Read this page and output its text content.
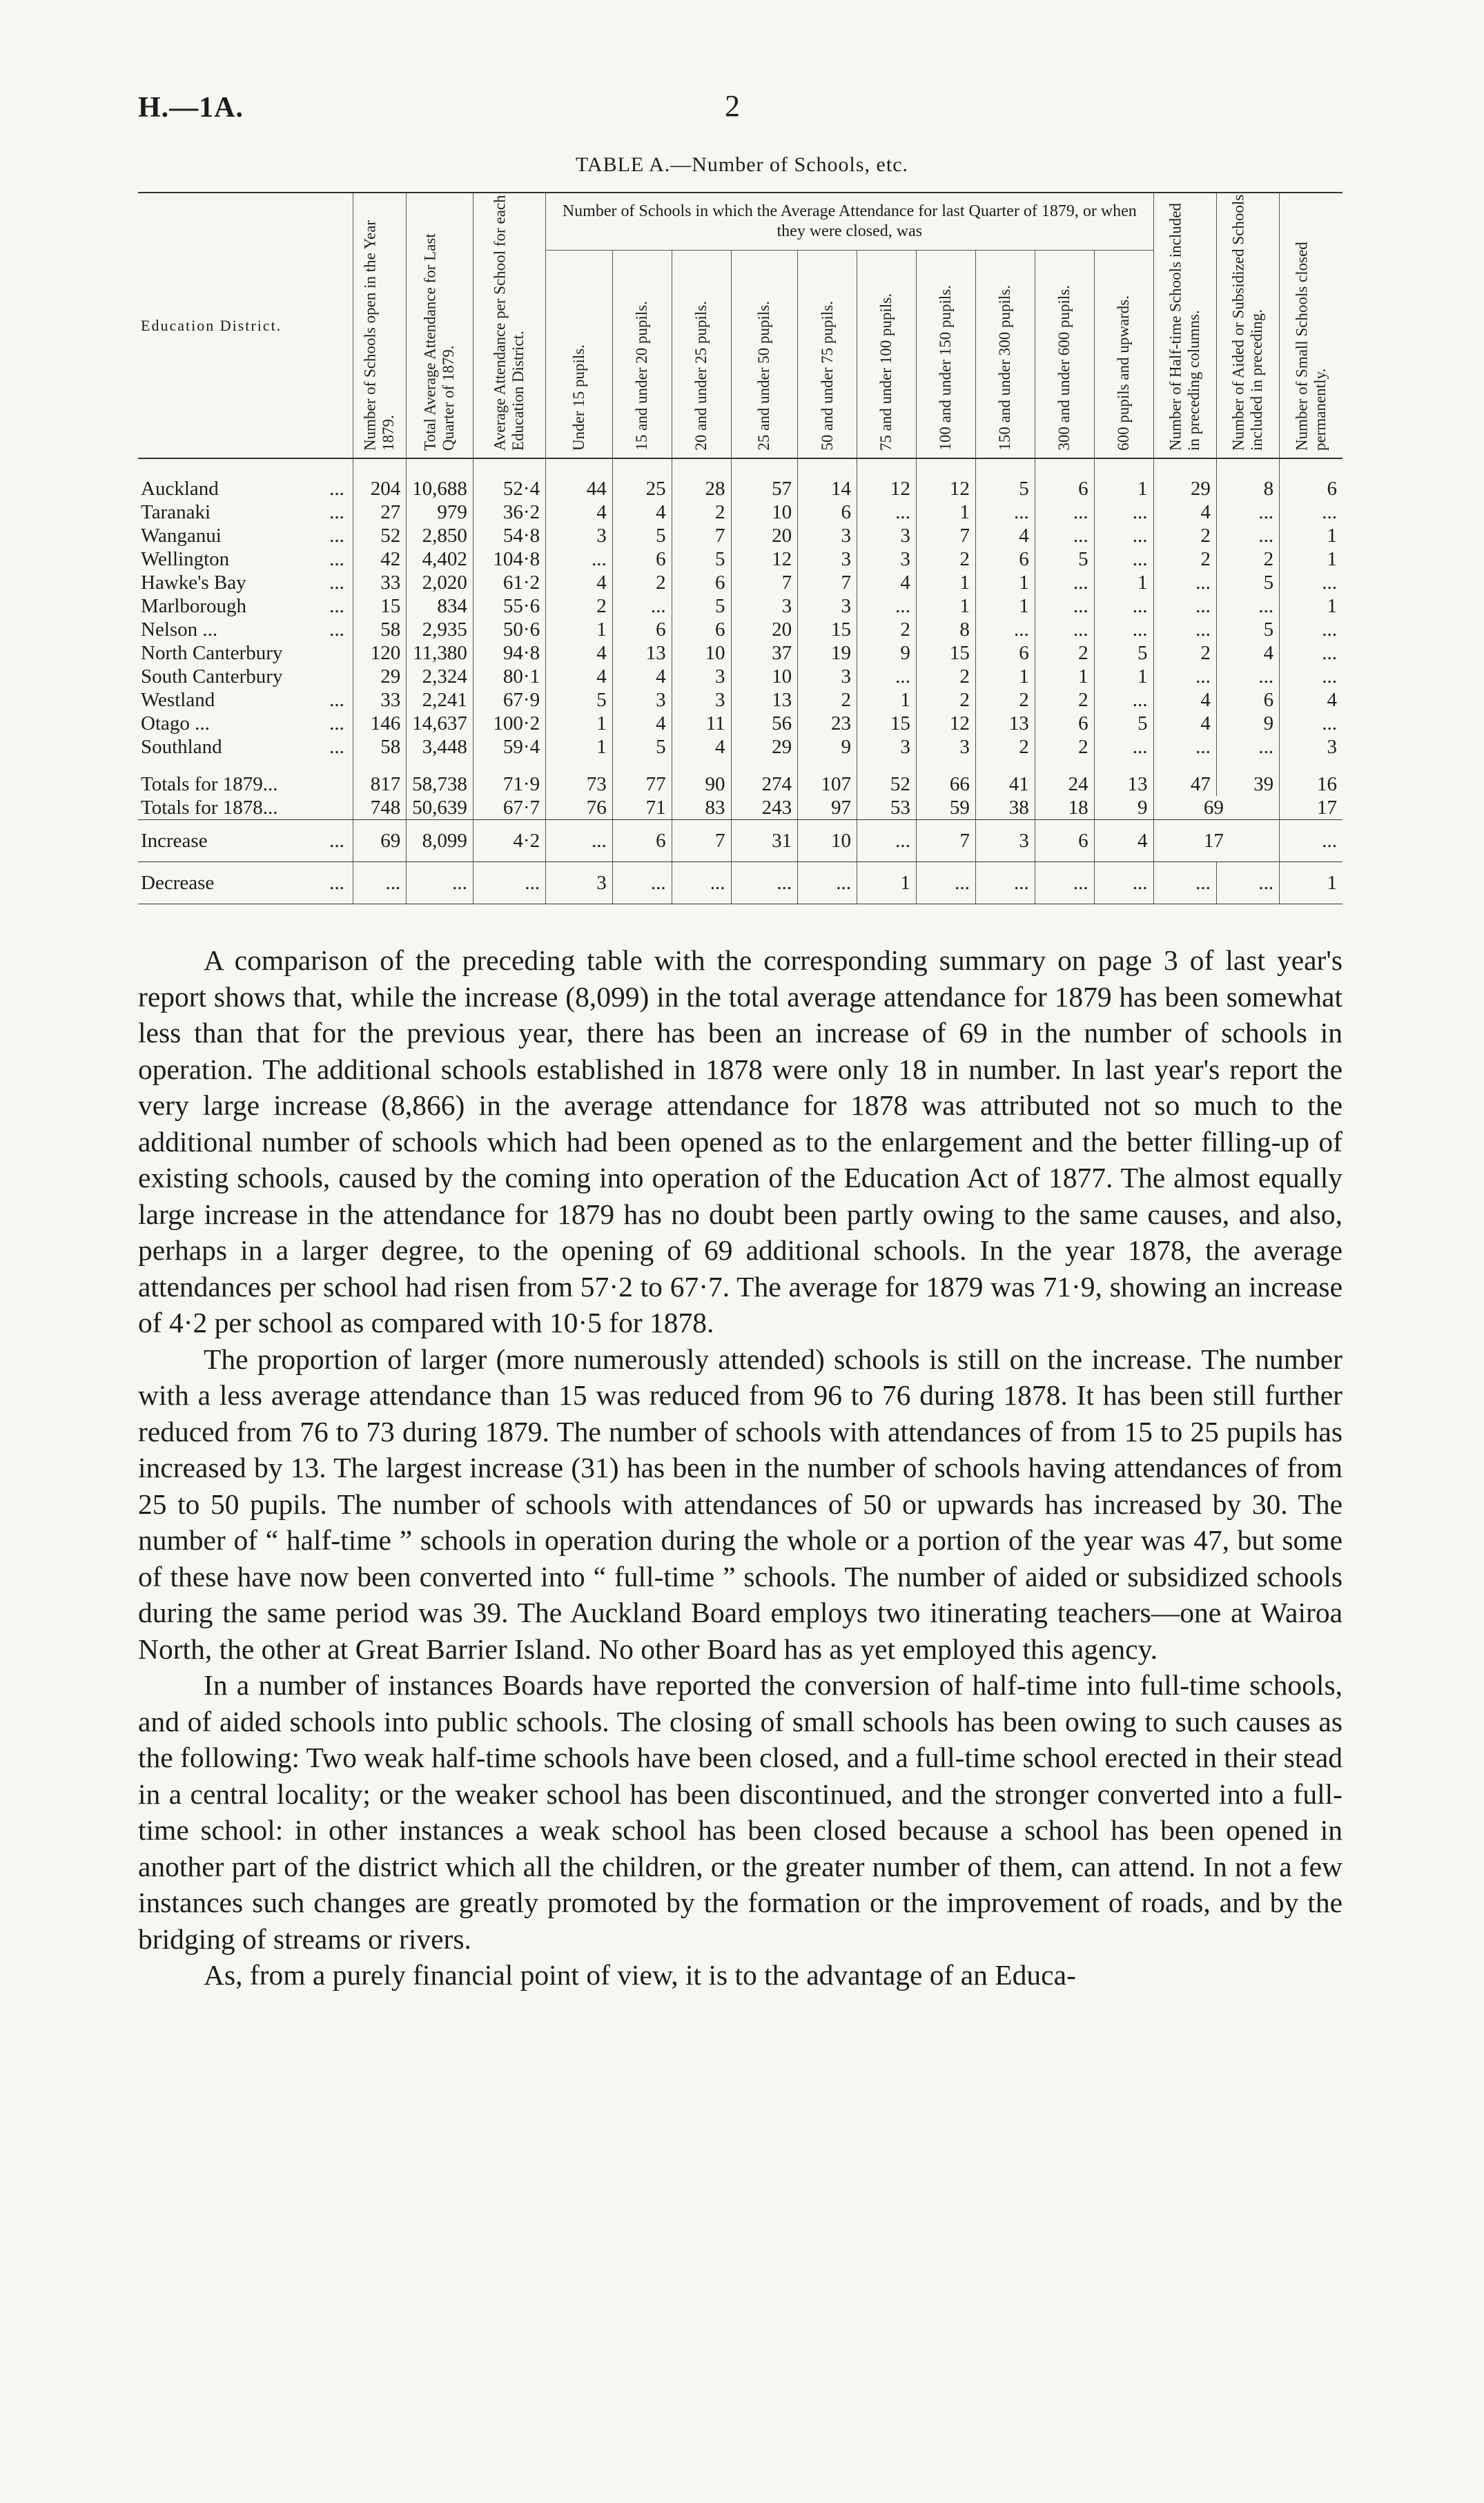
H.—1A.	2
TABLE A.—Number of Schools, etc.
Education District.	Number of Schools open in the Year 1879.	Total Average Attendance for Last Quarter of 1879.	Average Attendance per School for each Education District.	Number of Schools in which the Average Attendance for last Quarter of 1879, or when they were closed, was										Number of Half-time Schools included in preceding columns.	Number of Aided or Subsidized Schools included in preceding.	Number of Small Schools closed permanently.

				Under 15 pupils.	15 and under 20 pupils.	20 and under 25 pupils.	25 and under 50 pupils.	50 and under 75 pupils.	75 and under 100 pupils.	100 and under 150 pupils.	150 and under 300 pupils.	300 and under 600 pupils.	600 pupils and upwards.			

Auckland ...	204	10,688	52·4	44	25	28	57	14	12	12	5	6	1	29	8	6
Taranaki ...	27	979	36·2	4	4	2	10	6	...	1	...	...	...	4	...	...
Wanganui ...	52	2,850	54·8	3	5	7	20	3	3	7	4	...	...	2	...	1
Wellington ...	42	4,402	104·8	...	6	5	12	3	3	2	6	5	...	2	2	1
Hawke's Bay ...	33	2,020	61·2	4	2	6	7	7	4	1	1	...	1	...	5	...
Marlborough ...	15	834	55·6	2	...	5	3	3	...	1	1	...	...	...	...	1
Nelson ... ...	58	2,935	50·6	1	6	6	20	15	2	8	...	...	...	...	5	...
North Canterbury	120	11,380	94·8	4	13	10	37	19	9	15	6	2	5	2	4	...
South Canterbury	29	2,324	80·1	4	4	3	10	3	...	2	1	1	1	...	...	...
Westland ...	33	2,241	67·9	5	3	3	13	2	1	2	2	2	...	4	6	4
Otago ... ...	146	14,637	100·2	1	4	11	56	23	15	12	13	6	5	4	9	...
Southland ...	58	3,448	59·4	1	5	4	29	9	3	3	2	2	...	...	...	3

Totals for 1879...	817	58,738	71·9	73	77	90	274	107	52	66	41	24	13	47	39	16
Totals for 1878...	748	50,639	67·7	76	71	83	243	97	53	59	38	18	9	69		17
Increase ...	69	8,099	4·2	...	6	7	31	10	...	7	3	6	4	17		...
Decrease ...	...	...	...	3	...	...	...	...	1	...	...	...	...	...	...	1

A comparison of the preceding table with the corresponding summary on page 3 of last year's report shows that, while the increase (8,099) in the total average attendance for 1879 has been somewhat less than that for the previous year, there has been an increase of 69 in the number of schools in operation. The additional schools established in 1878 were only 18 in number. In last year's report the very large increase (8,866) in the average attendance for 1878 was attributed not so much to the additional number of schools which had been opened as to the enlargement and the better filling-up of existing schools, caused by the coming into operation of the Education Act of 1877. The almost equally large increase in the attendance for 1879 has no doubt been partly owing to the same causes, and also, perhaps in a larger degree, to the opening of 69 additional schools. In the year 1878, the average attendances per school had risen from 57·2 to 67·7. The average for 1879 was 71·9, showing an increase of 4·2 per school as compared with 10·5 for 1878.

The proportion of larger (more numerously attended) schools is still on the increase. The number with a less average attendance than 15 was reduced from 96 to 76 during 1878. It has been still further reduced from 76 to 73 during 1879. The number of schools with attendances of from 15 to 25 pupils has increased by 13. The largest increase (31) has been in the number of schools having attendances of from 25 to 50 pupils. The number of schools with attendances of 50 or upwards has increased by 30. The number of “ half-time ” schools in operation during the whole or a portion of the year was 47, but some of these have now been converted into “ full-time ” schools. The number of aided or subsidized schools during the same period was 39. The Auckland Board employs two itinerating teachers—one at Wairoa North, the other at Great Barrier Island. No other Board has as yet employed this agency.

In a number of instances Boards have reported the conversion of half-time into full-time schools, and of aided schools into public schools. The closing of small schools has been owing to such causes as the following: Two weak half-time schools have been closed, and a full-time school erected in their stead in a central locality; or the weaker school has been discontinued, and the stronger converted into a full-time school: in other instances a weak school has been closed because a school has been opened in another part of the district which all the children, or the greater number of them, can attend. In not a few instances such changes are greatly promoted by the formation or the improvement of roads, and by the bridging of streams or rivers.

As, from a purely financial point of view, it is to the advantage of an Educa-
